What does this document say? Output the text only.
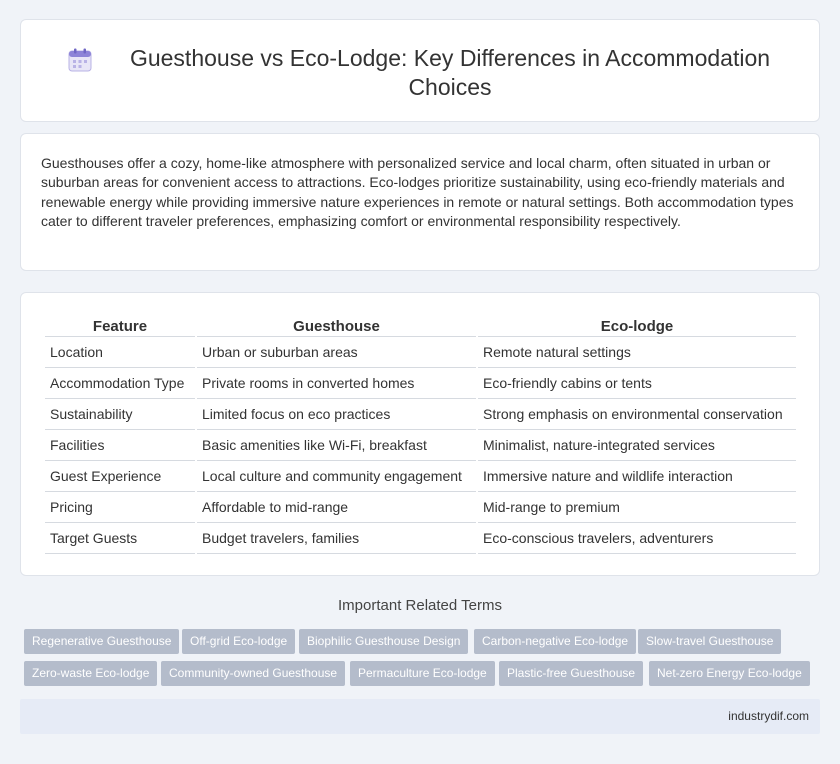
Guesthouse vs Eco-Lodge: Key Differences in Accommodation Choices

Guesthouses offer a cozy, home-like atmosphere with personalized service and local charm, often situated in urban or suburban areas for convenient access to attractions. Eco-lodges prioritize sustainability, using eco-friendly materials and renewable energy while providing immersive nature experiences in remote or natural settings. Both accommodation types cater to different traveler preferences, emphasizing comfort or environmental responsibility respectively.

Feature	Guesthouse	Eco-lodge
Location	Urban or suburban areas	Remote natural settings
Accommodation Type	Private rooms in converted homes	Eco-friendly cabins or tents
Sustainability	Limited focus on eco practices	Strong emphasis on environmental conservation
Facilities	Basic amenities like Wi-Fi, breakfast	Minimalist, nature-integrated services
Guest Experience	Local culture and community engagement	Immersive nature and wildlife interaction
Pricing	Affordable to mid-range	Mid-range to premium
Target Guests	Budget travelers, families	Eco-conscious travelers, adventurers
Important Related Terms
Regenerative Guesthouse	Off-grid Eco-lodge	Biophilic Guesthouse Design	Carbon-negative Eco-lodge	Slow-travel Guesthouse
Zero-waste Eco-lodge	Community-owned Guesthouse	Permaculture Eco-lodge	Plastic-free Guesthouse	Net-zero Energy Eco-lodge
industrydif.com
